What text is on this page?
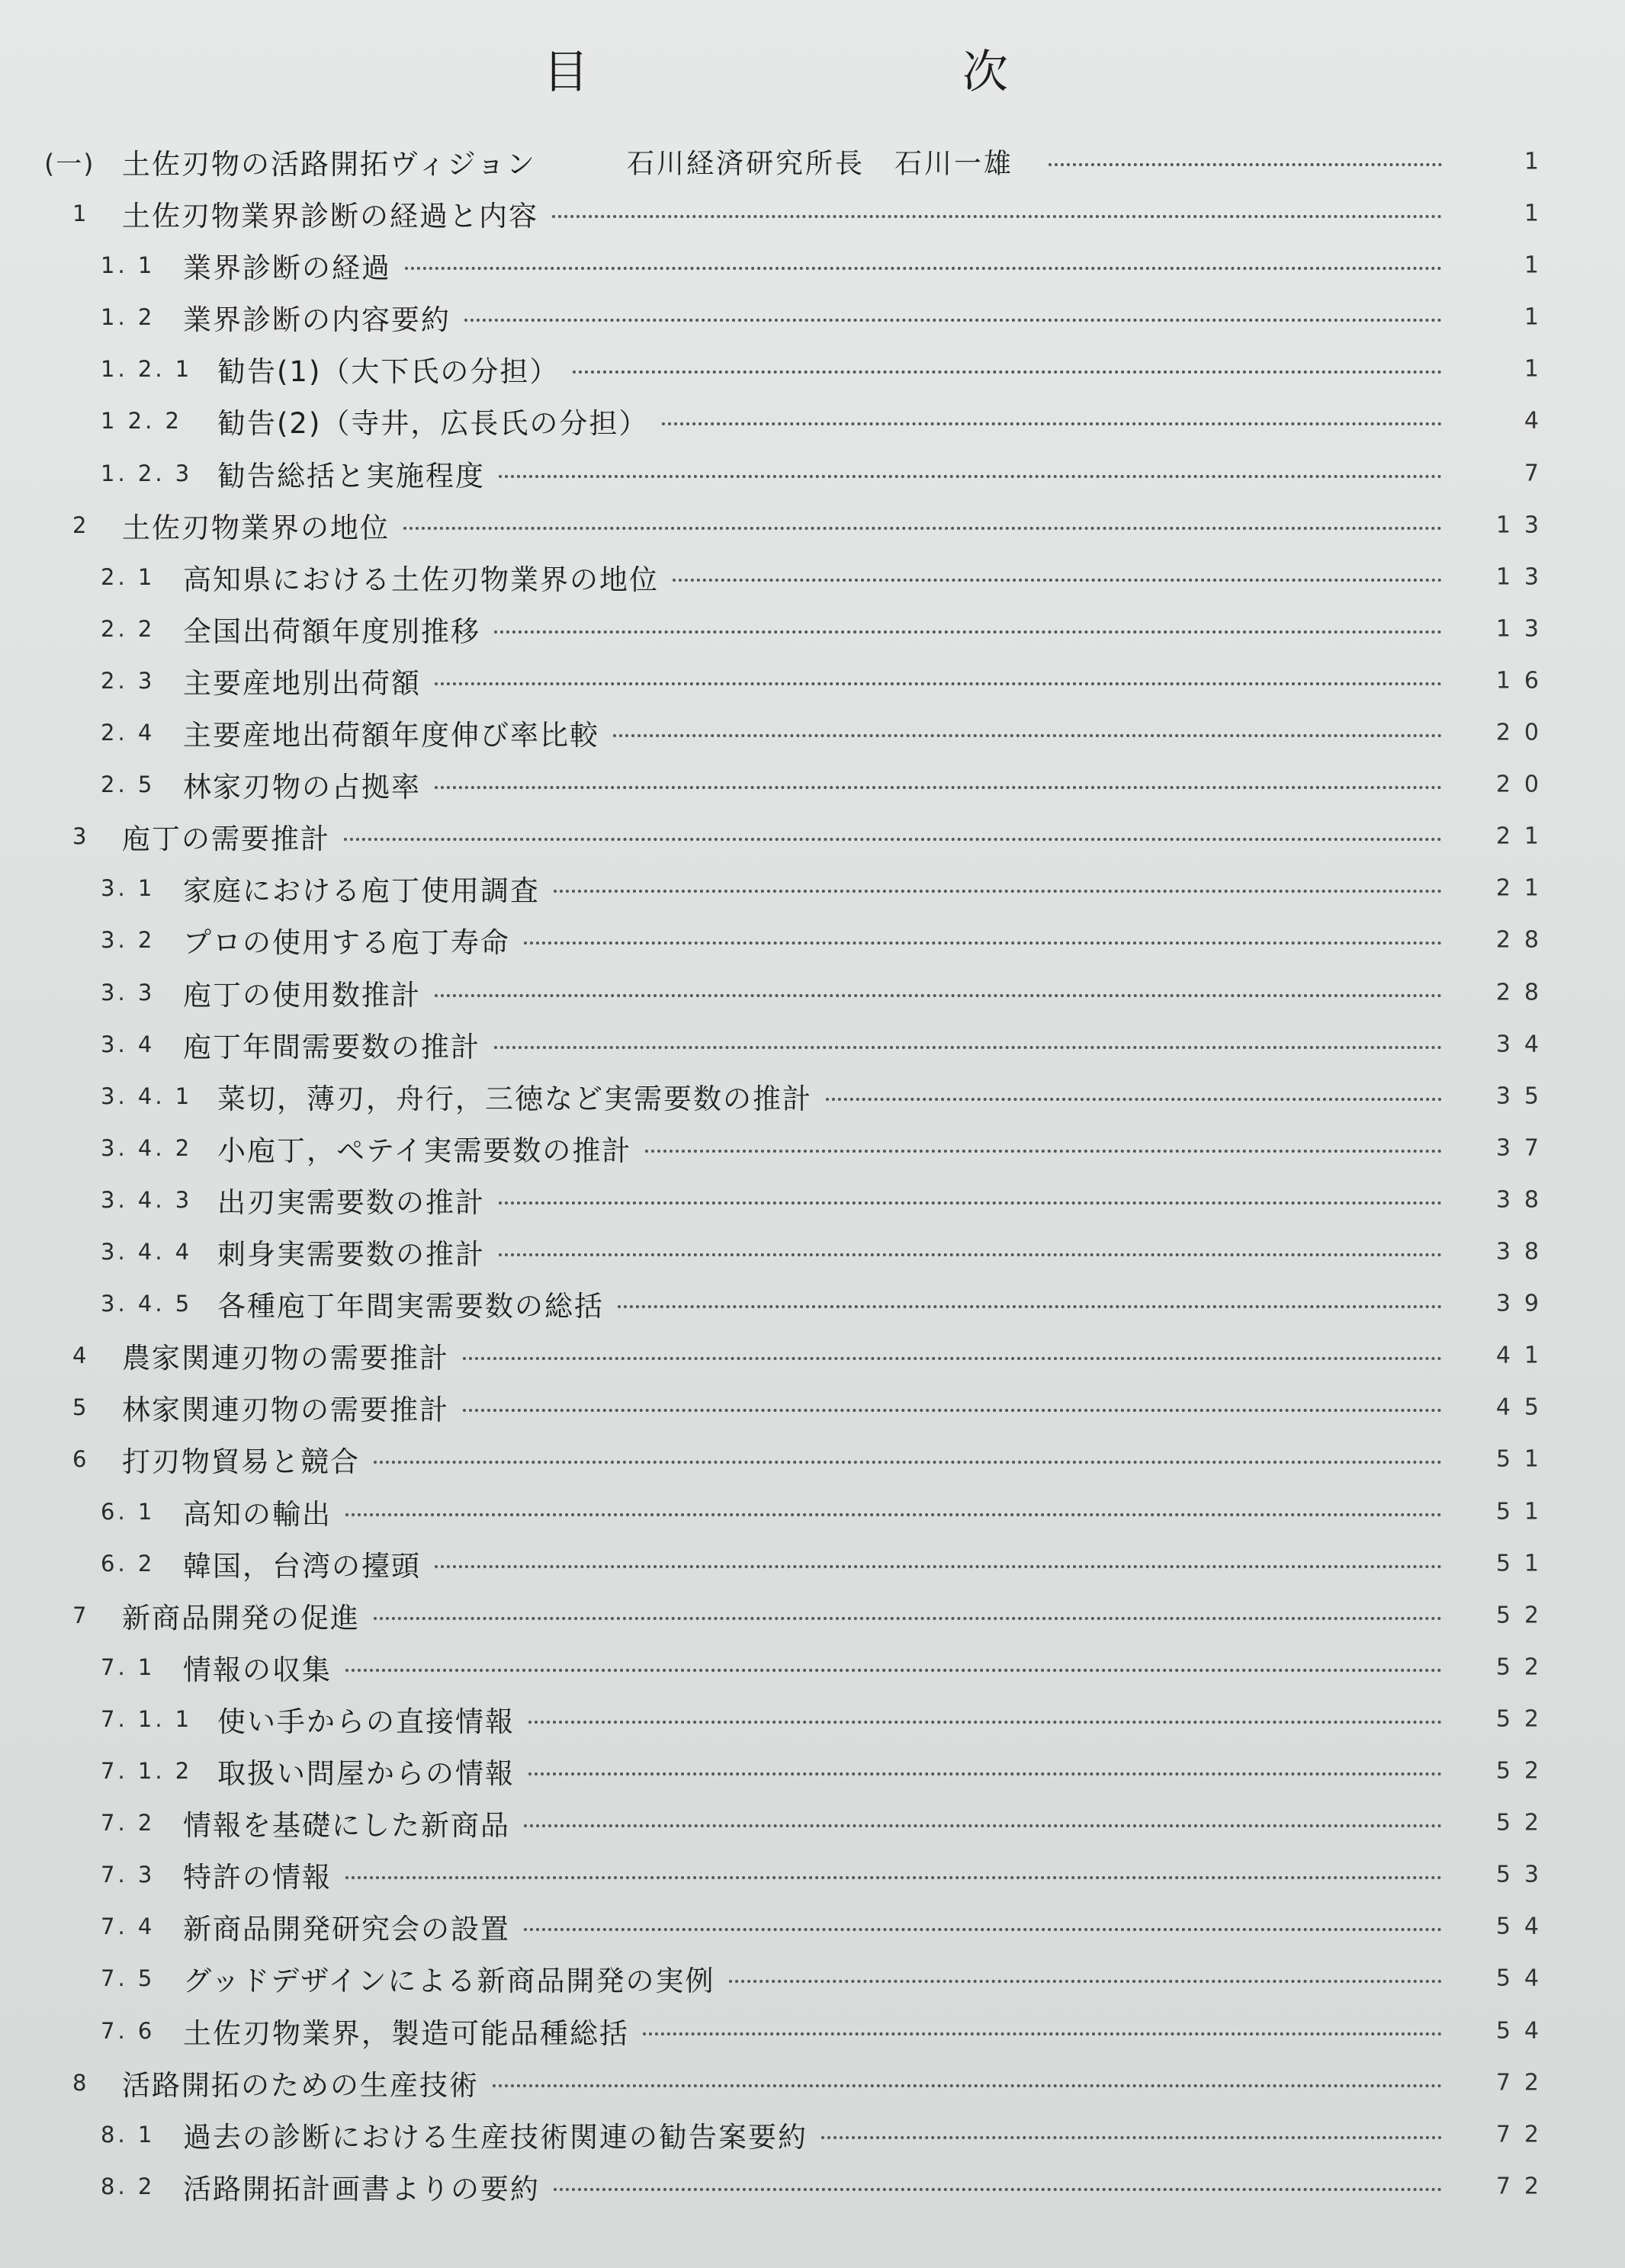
目	次
(一) 土佐刃物の活路開拓ヴィジョン	石川経済研究所長　石川一雄	1
1 土佐刃物業界診断の経過と内容	1
1. 1 業界診断の経過	1
1. 2 業界診断の内容要約	1
1. 2. 1 勧告(1)（大下氏の分担）	1
1 2. 2 勧告(2)（寺井，広長氏の分担）	4
1. 2. 3 勧告総括と実施程度	7
2 土佐刃物業界の地位	13
2. 1 高知県における土佐刃物業界の地位	13
2. 2 全国出荷額年度別推移	13
2. 3 主要産地別出荷額	16
2. 4 主要産地出荷額年度伸び率比較	20
2. 5 林家刃物の占拠率	20
3 庖丁の需要推計	21
3. 1 家庭における庖丁使用調査	21
3. 2 プロの使用する庖丁寿命	28
3. 3 庖丁の使用数推計	28
3. 4 庖丁年間需要数の推計	34
3. 4. 1 菜切，薄刃，舟行，三徳など実需要数の推計	35
3. 4. 2 小庖丁，ペテイ実需要数の推計	37
3. 4. 3 出刃実需要数の推計	38
3. 4. 4 刺身実需要数の推計	38
3. 4. 5 各種庖丁年間実需要数の総括	39
4 農家関連刃物の需要推計	41
5 林家関連刃物の需要推計	45
6 打刃物貿易と競合	51
6. 1 高知の輸出	51
6. 2 韓国，台湾の擡頭	51
7 新商品開発の促進	52
7. 1 情報の収集	52
7. 1. 1 使い手からの直接情報	52
7. 1. 2 取扱い問屋からの情報	52
7. 2 情報を基礎にした新商品	52
7. 3 特許の情報	53
7. 4 新商品開発研究会の設置	54
7. 5 グッドデザインによる新商品開発の実例	54
7. 6 土佐刃物業界，製造可能品種総括	54
8 活路開拓のための生産技術	72
8. 1 過去の診断における生産技術関連の勧告案要約	72
8. 2 活路開拓計画書よりの要約	72
